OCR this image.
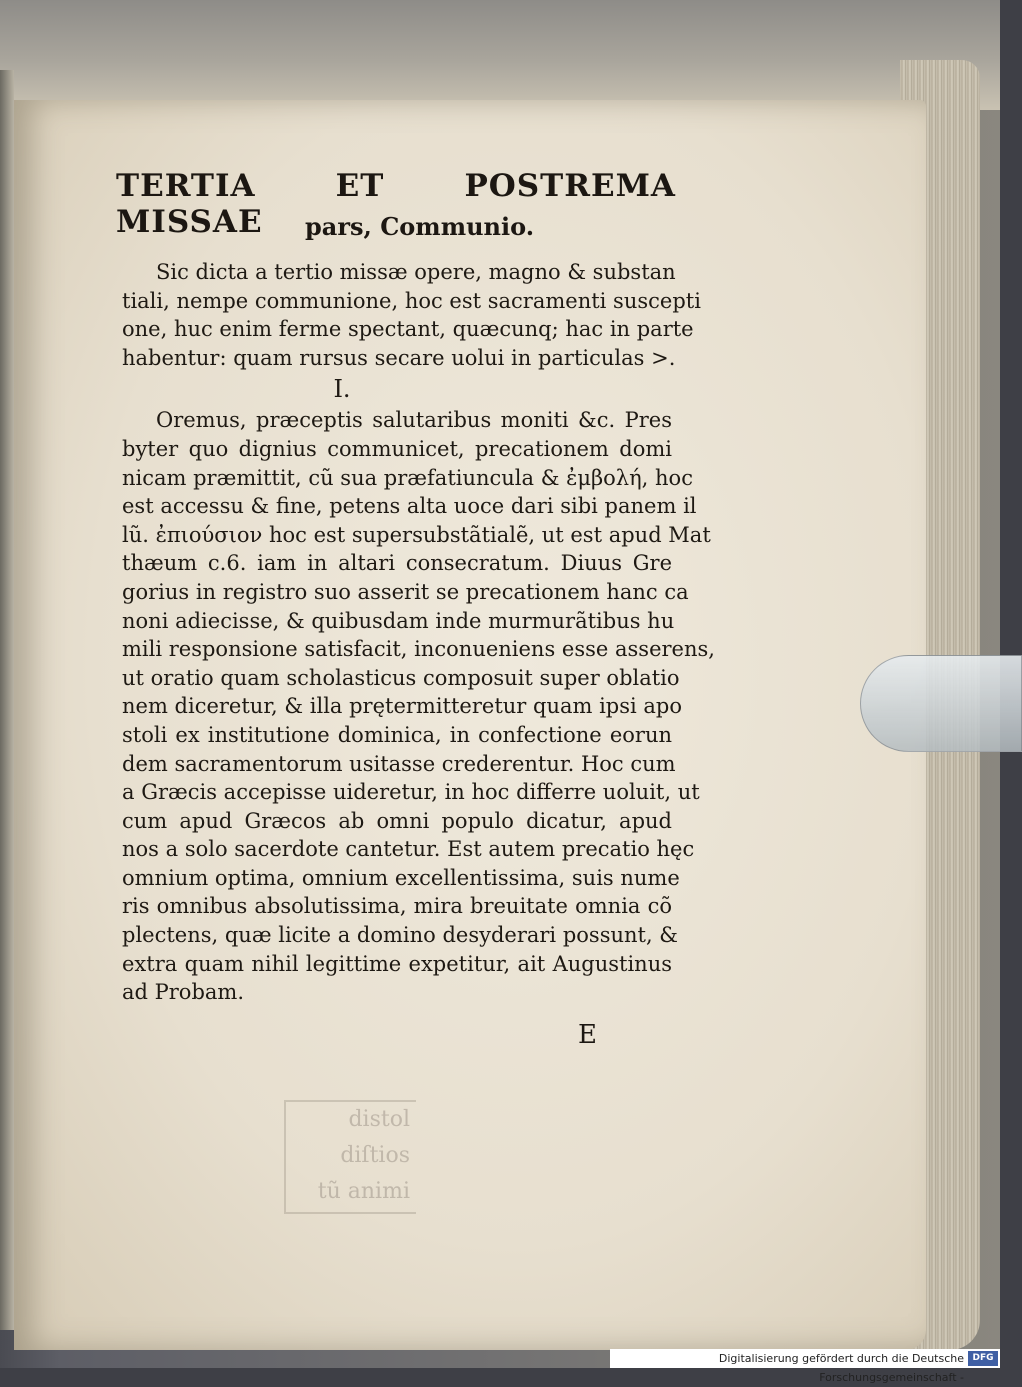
distol
diſtios
tũ animi
TERTIA ET POSTREMA MISSAE	pars, Communio.
Sic dicta a tertio missæ opere, magno & substan
tiali, nempe communione, hoc est sacramenti suscepti
one, huc enim ferme spectant, quæcunq; hac in parte
habentur: quam rursus secare uolui in particulas >.
I.
Oremus, præceptis salutaribus moniti &c. Pres
byter quo dignius communicet, precationem domi
nicam præmittit, cũ sua præfatiuncula & ἐμβολή, hoc
est accessu & fine, petens alta uoce dari sibi panem il
lũ. ἐπιούσιον hoc est supersubstãtialẽ, ut est apud Mat
thæum c.6. iam in altari consecratum. Diuus Gre
gorius in registro suo asserit se precationem hanc ca
noni adiecisse, & quibusdam inde murmurãtibus hu
mili responsione satisfacit, inconueniens esse asserens,
ut oratio quam scholasticus composuit super oblatio
nem diceretur, & illa prętermitteretur quam ipsi apo
stoli ex institutione dominica, in confectione eorun
dem sacramentorum usitasse crederentur. Hoc cum
a Græcis accepisse uideretur, in hoc differre uoluit, ut
cum apud Græcos ab omni populo dicatur, apud
nos a solo sacerdote cantetur. Est autem precatio hęc
omnium optima, omnium excellentissima, suis nume
ris omnibus absolutissima, mira breuitate omnia cõ
plectens, quæ licite a domino desyderari possunt, &
extra quam nihil legittime expetitur, ait Augustinus
ad Probam.
E
Digitalisierung gefördert durch die Deutsche Forschungsgemeinschaft -
DFG
